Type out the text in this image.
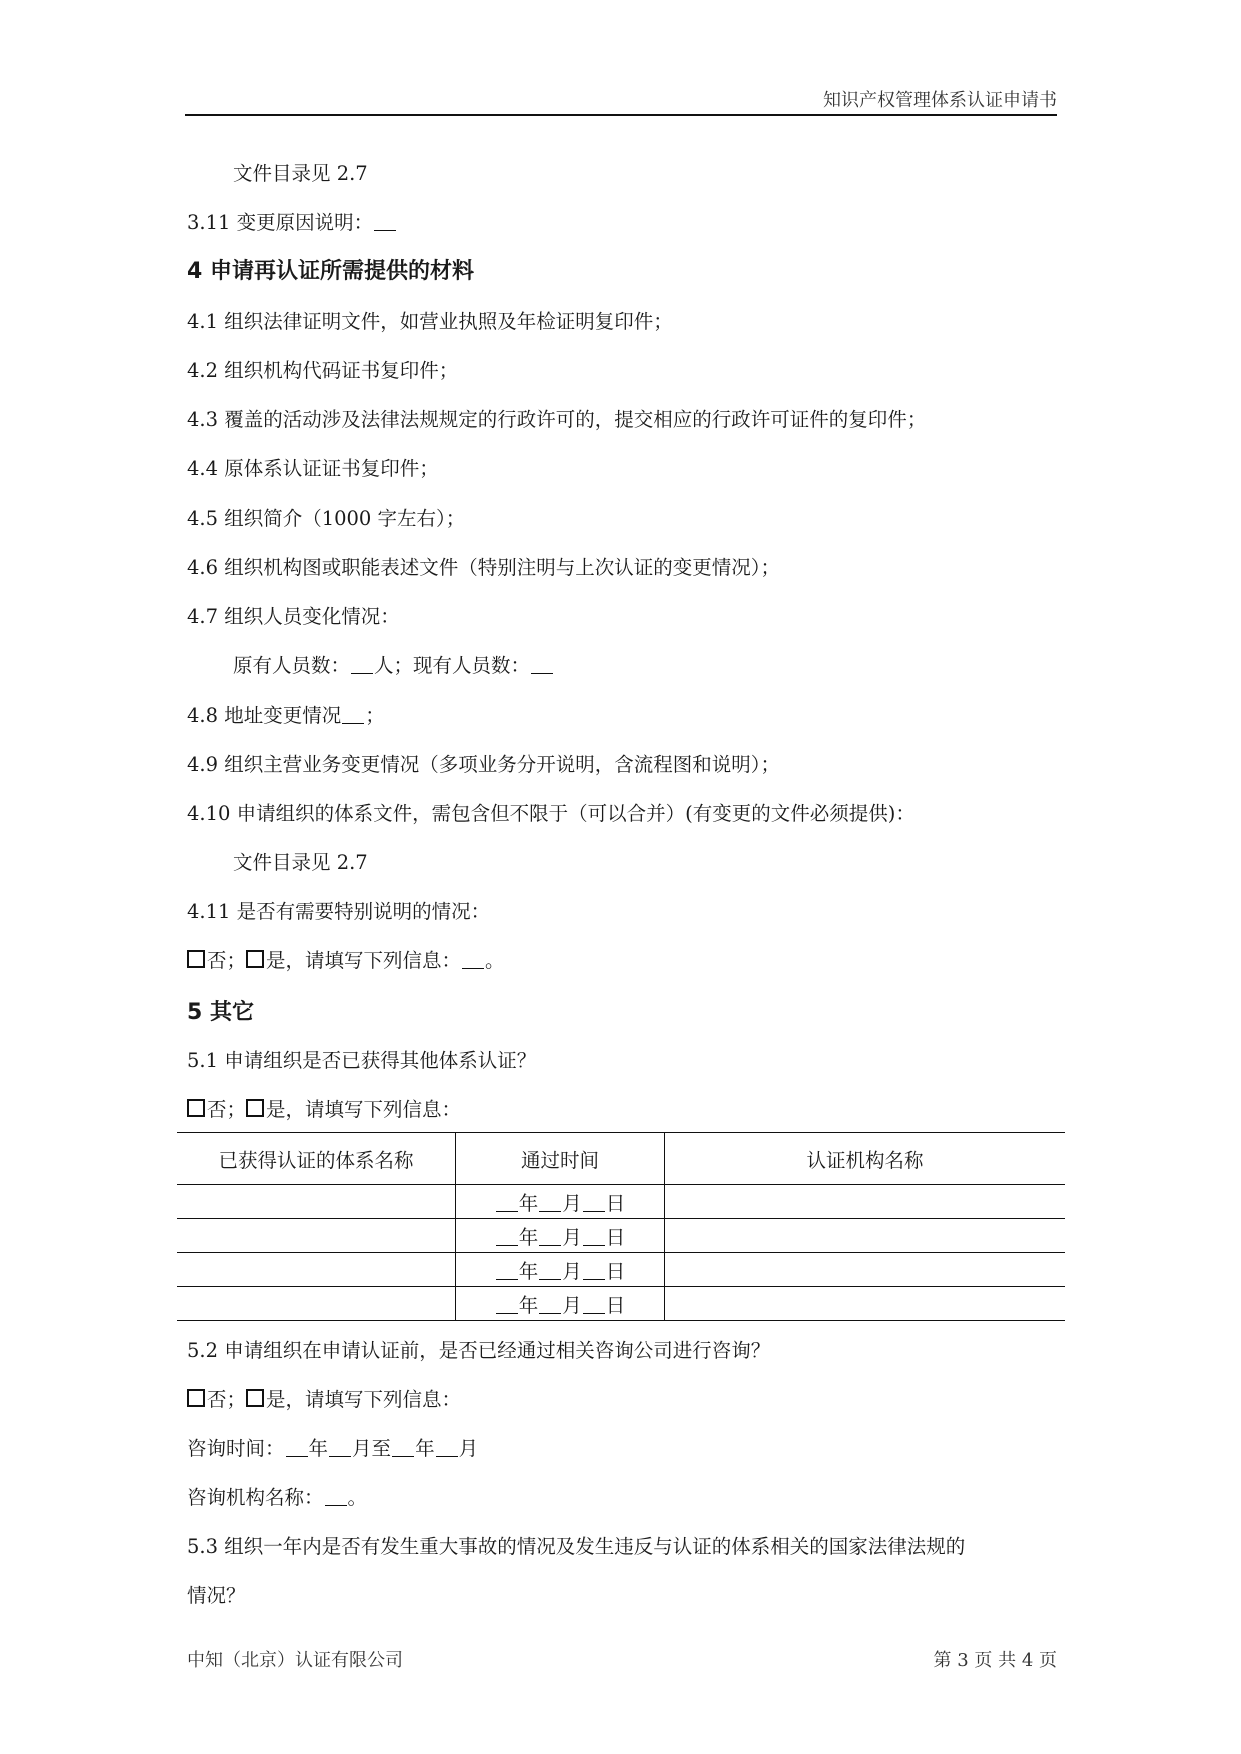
知识产权管理体系认证申请书
文件目录见 2.7
3.11 变更原因说明：
4 申请再认证所需提供的材料
4.1 组织法律证明文件，如营业执照及年检证明复印件；
4.2 组织机构代码证书复印件；
4.3 覆盖的活动涉及法律法规规定的行政许可的，提交相应的行政许可证件的复印件；
4.4 原体系认证证书复印件；
4.5 组织简介（1000 字左右）；
4.6 组织机构图或职能表述文件（特别注明与上次认证的变更情况）；
4.7 组织人员变化情况：
原有人员数： 人；现有人员数：
4.8 地址变更情况 ；
4.9 组织主营业务变更情况（多项业务分开说明，含流程图和说明）；
4.10 申请组织的体系文件，需包含但不限于（可以合并）(有变更的文件必须提供)：
文件目录见 2.7
4.11 是否有需要特别说明的情况：
否； 是，请填写下列信息： 。
5 其它
5.1 申请组织是否已获得其他体系认证？
否； 是，请填写下列信息：
已获得认证的体系名称	通过时间	认证机构名称
	年 月 日	
	年 月 日	
	年 月 日	
	年 月 日	
5.2 申请组织在申请认证前，是否已经通过相关咨询公司进行咨询？
否； 是，请填写下列信息：
咨询时间： 年 月至 年 月
咨询机构名称： 。
5.3 组织一年内是否有发生重大事故的情况及发生违反与认证的体系相关的国家法律法规的
情况？
中知（北京）认证有限公司	第 3 页 共 4 页
